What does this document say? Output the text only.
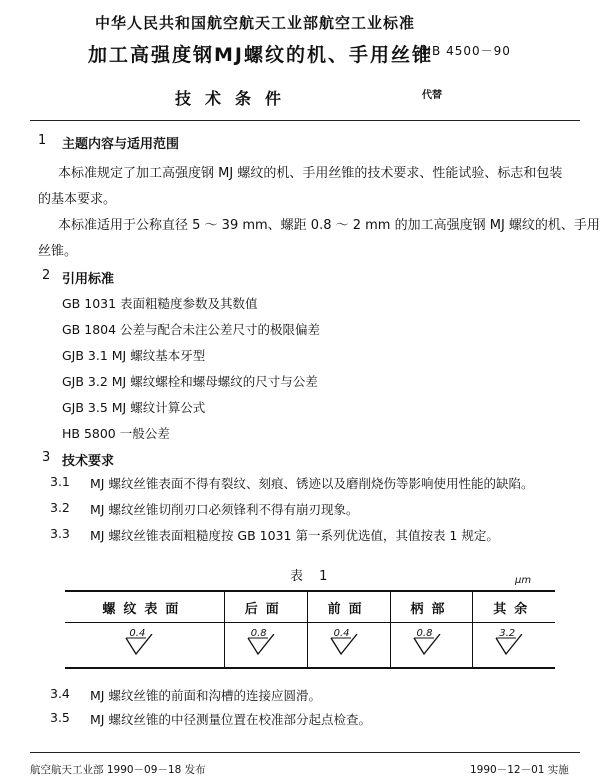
中华人民共和国航空航天工业部航空工业标准
加工高强度钢MJ螺纹的机、手用丝锥
HB 4500－90
技术条件	代替
1 主题内容与适用范围
本标准规定了加工高强度钢 MJ 螺纹的机、手用丝锥的技术要求、性能试验、标志和包装
的基本要求。
本标准适用于公称直径 5 ～ 39 mm、螺距 0.8 ～ 2 mm 的加工高强度钢 MJ 螺纹的机、手用
丝锥。
2 引用标准
GB 1031 表面粗糙度参数及其数值
GB 1804 公差与配合未注公差尺寸的极限偏差
GJB 3.1 MJ 螺纹基本牙型
GJB 3.2 MJ 螺纹螺栓和螺母螺纹的尺寸与公差
GJB 3.5 MJ 螺纹计算公式
HB 5800 一般公差
3 技术要求
3.1 MJ 螺纹丝锥表面不得有裂纹、刻痕、锈迹以及磨削烧伤等影响使用性能的缺陷。
3.2 MJ 螺纹丝锥切削刃口必须锋利不得有崩刃现象。
3.3 MJ 螺纹丝锥表面粗糙度按 GB 1031 第一系列优选值，其值按表 1 规定。
表 1	μm
螺纹表面	后面	前面	柄部	其余

0.4	0.8	0.4	0.8	3.2
3.4 MJ 螺纹丝锥的前面和沟槽的连接应圆滑。
3.5 MJ 螺纹丝锥的中径测量位置在校准部分起点检查。
航空航天工业部 1990－09－18 发布	1990－12－01 实施
